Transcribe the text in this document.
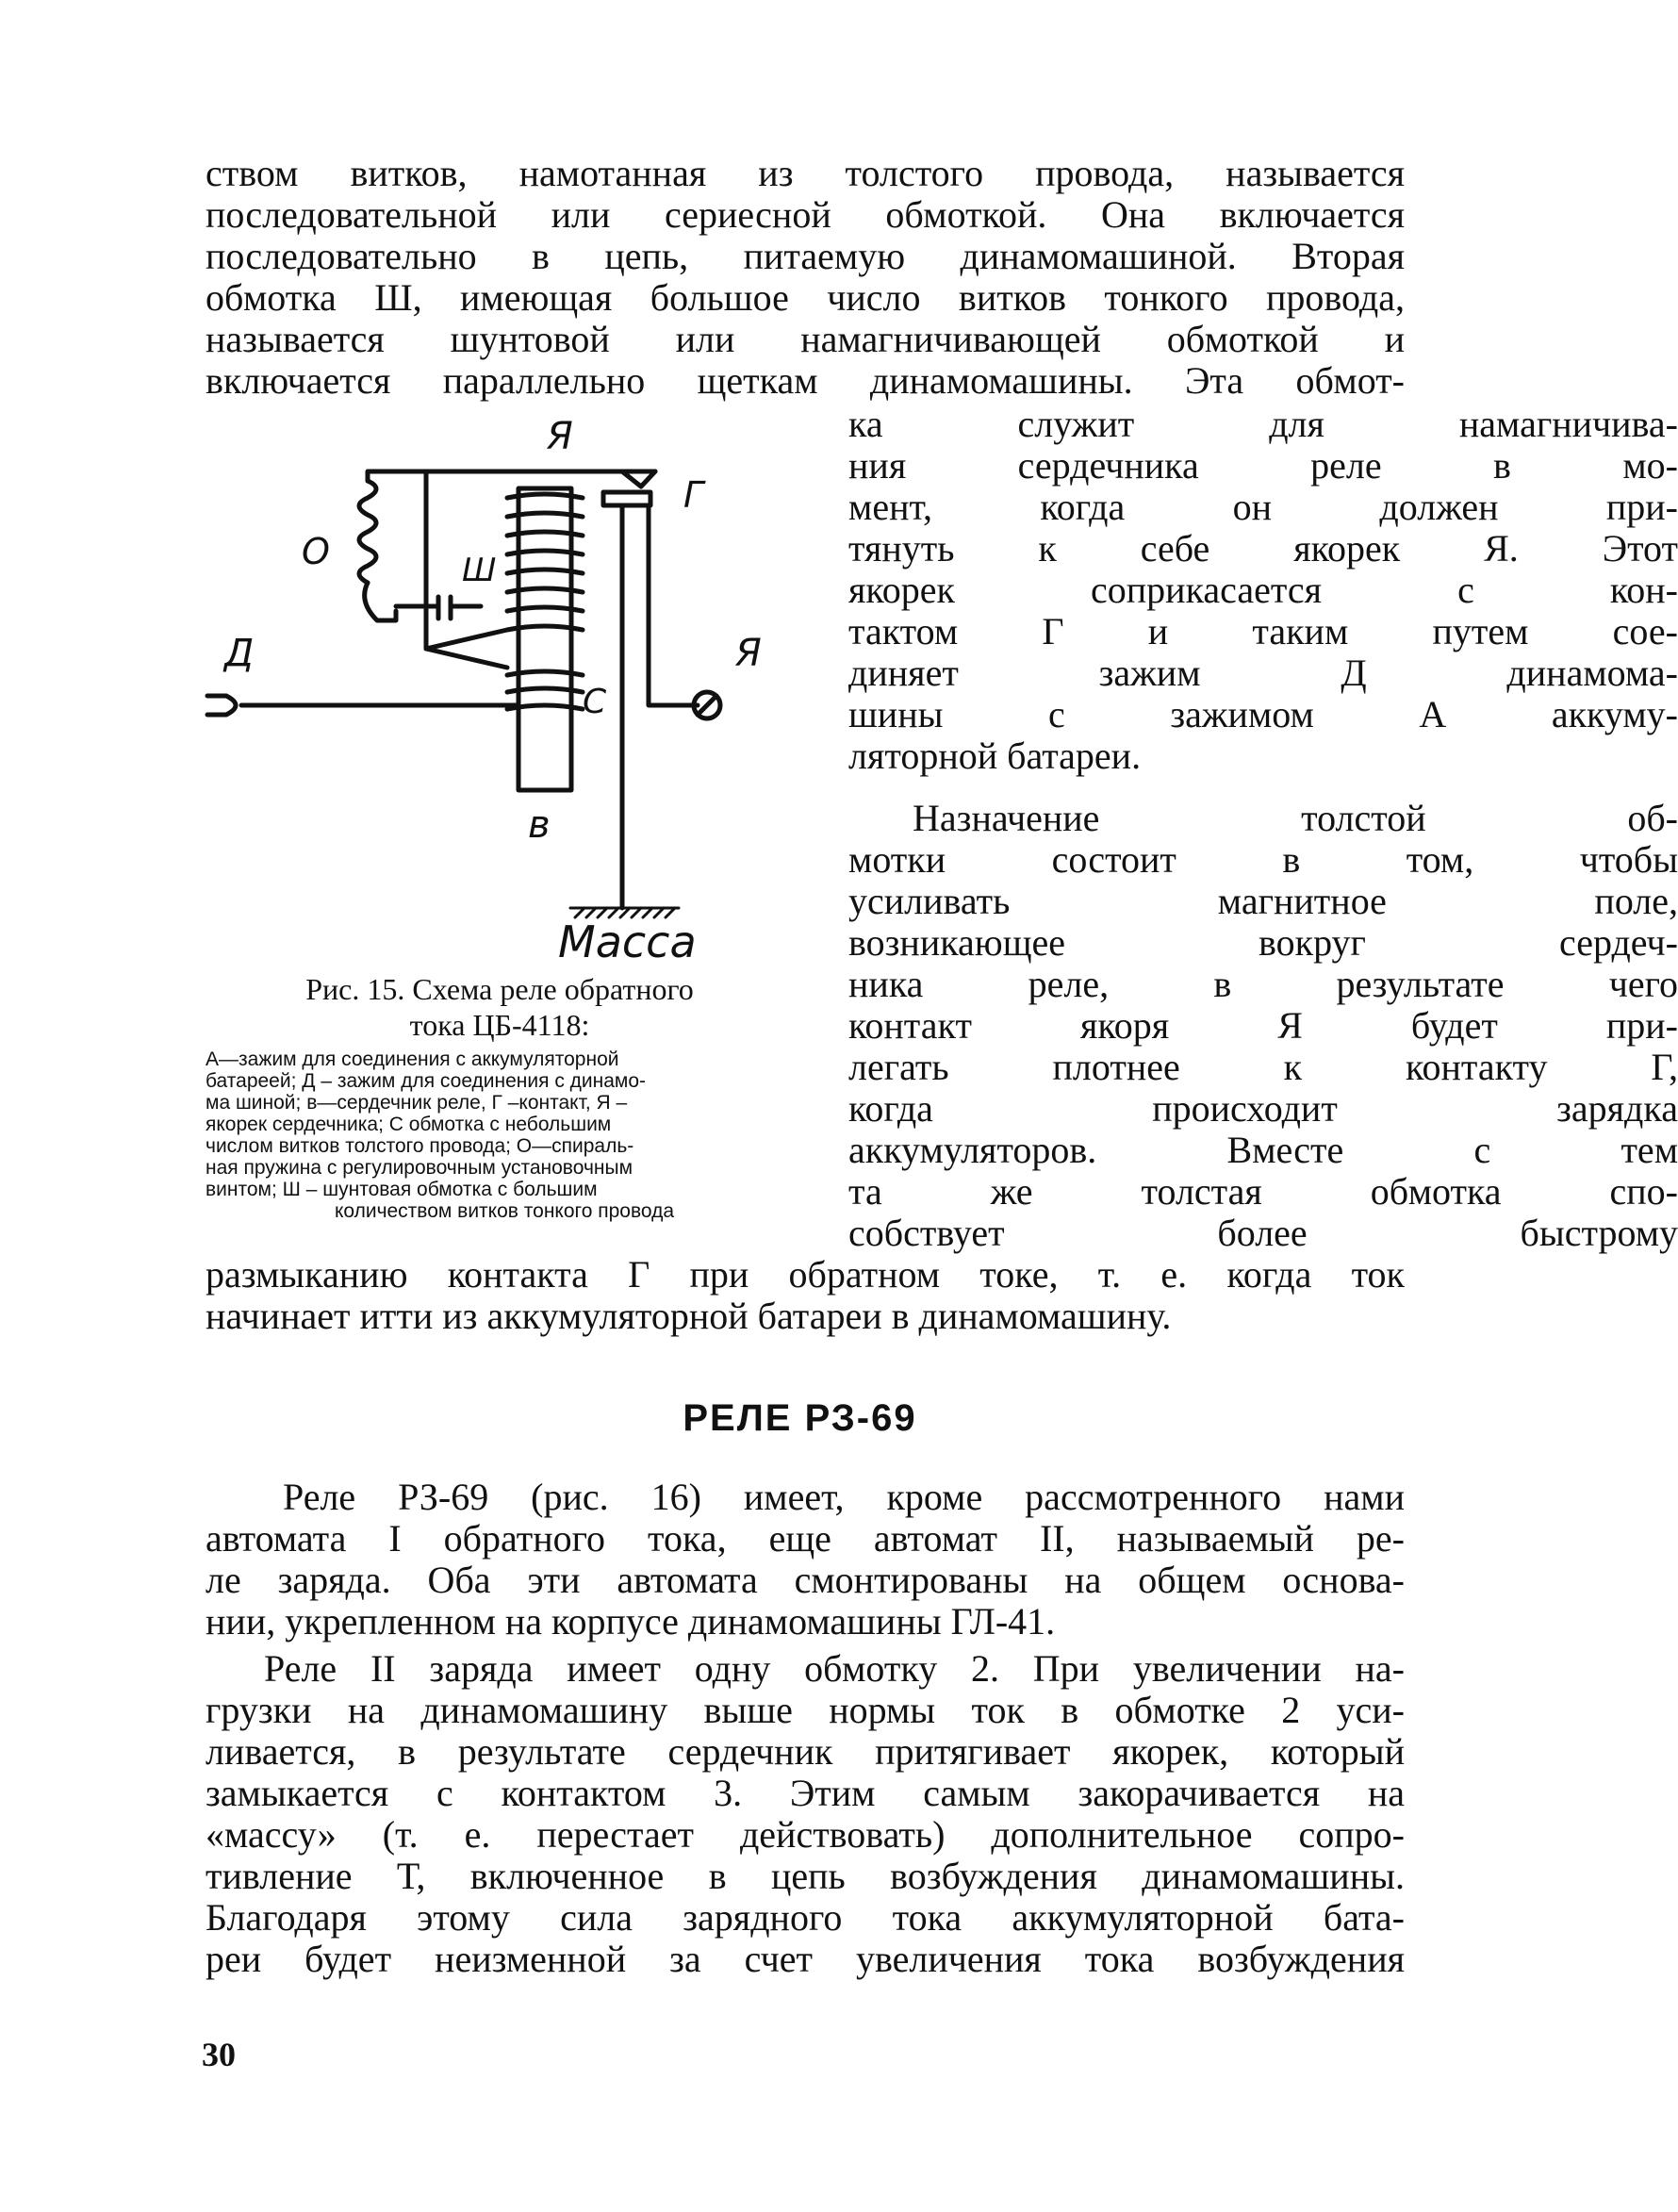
ством витков, намотанная из толстого провода, называется
последовательной или сериесной обмоткой. Она включается
последовательно в цепь, питаемую динамомашиной. Вторая
обмотка Ш, имеющая большое число витков тонкого провода,
называется шунтовой или намагничивающей обмоткой и
включается параллельно щеткам динамомашины. Эта обмот-
ка служит для намагничива-
ния сердечника реле в мо-
мент, когда он должен при-
тянуть к себе якорек Я. Этот
якорек соприкасается с кон-
тактом Г и таким путем сое-
диняет зажим Д динамома-
шины с зажимом А аккуму-
ляторной батареи.
Назначение толстой об-
мотки состоит в том, чтобы
усиливать магнитное поле,
возникающее вокруг сердеч-
ника реле, в результате чего
контакт якоря Я будет при-
легать плотнее к контакту Г,
когда происходит зарядка
аккумуляторов. Вместе с тем
та же толстая обмотка спо-
собствует более быстрому
размыканию контакта Г при обратном токе, т. е. когда ток
начинает итти из аккумуляторной батареи в динамомашину.
РЕЛЕ РЗ-69
Реле РЗ-69 (рис. 16) имеет, кроме рассмотренного нами
автомата I обратного тока, еще автомат II, называемый ре-
ле заряда. Оба эти автомата смонтированы на общем основа-
нии, укрепленном на корпусе динамомашины ГЛ-41.
Реле II заряда имеет одну обмотку 2. При увеличении на-
грузки на динамомашину выше нормы ток в обмотке 2 уси-
ливается, в результате сердечник притягивает якорек, который
замыкается с контактом 3. Этим самым закорачивается на
«массу» (т. е. перестает действовать) дополнительное сопро-
тивление Т, включенное в цепь возбуждения динамомашины.
Благодаря этому сила зарядного тока аккумуляторной бата-
реи будет неизменной за счет увеличения тока возбуждения
Я
Г
О	Ш
Д	Я
С
в
Масса
Рис. 15. Схема реле обратного
тока ЦБ-4118:
А—зажим для соединения с аккумуляторной
батареей; Д – зажим для соединения с динамо-
ма шиной; в—сердечник реле, Г –контакт, Я –
якорек сердечника; С обмотка с небольшим
числом витков толстого провода; О—спираль-
ная пружина с регулировочным установочным
винтом; Ш – шунтовая обмотка с большим
количеством витков тонкого провода
30
